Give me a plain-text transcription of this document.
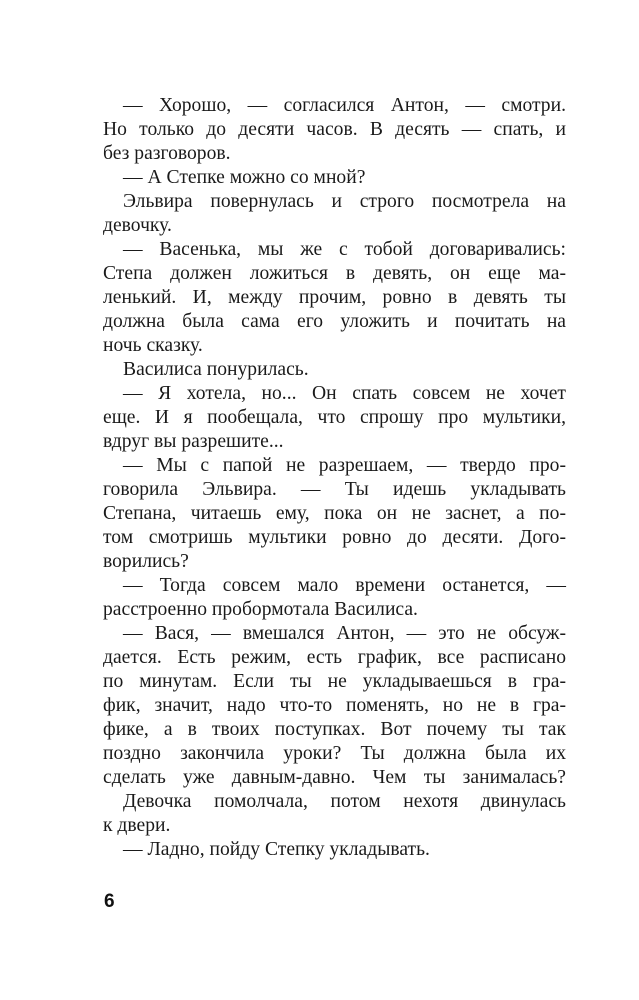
— Хорошо, — согласился Антон, — смотри.
Но только до десяти часов. В десять — спать, и
без разговоров.
— А Степке можно со мной?
Эльвира повернулась и строго посмотрела на
девочку.
— Васенька, мы же с тобой договаривались:
Степа должен ложиться в девять, он еще ма-
ленький. И, между прочим, ровно в девять ты
должна была сама его уложить и почитать на
ночь сказку.
Василиса понурилась.
— Я хотела, но... Он спать совсем не хочет
еще. И я пообещала, что спрошу про мультики,
вдруг вы разрешите...
— Мы с папой не разрешаем, — твердо про-
говорила Эльвира. — Ты идешь укладывать
Степана, читаешь ему, пока он не заснет, а по-
том смотришь мультики ровно до десяти. Дого-
ворились?
— Тогда совсем мало времени останется, —
расстроенно пробормотала Василиса.
— Вася, — вмешался Антон, — это не обсуж-
дается. Есть режим, есть график, все расписано
по минутам. Если ты не укладываешься в гра-
фик, значит, надо что-то поменять, но не в гра-
фике, а в твоих поступках. Вот почему ты так
поздно закончила уроки? Ты должна была их
сделать уже давным-давно. Чем ты занималась?
Девочка помолчала, потом нехотя двинулась
к двери.
— Ладно, пойду Степку укладывать.
6
